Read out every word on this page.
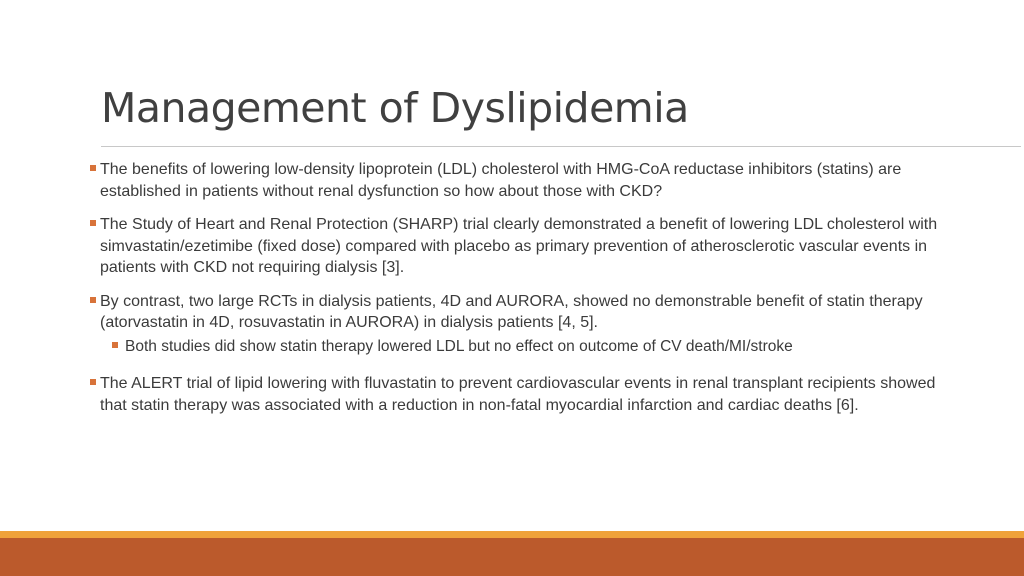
Management of Dyslipidemia
The benefits of lowering low-density lipoprotein (LDL) cholesterol with HMG-CoA reductase inhibitors (statins) are established in patients without renal dysfunction so how about those with CKD?
The Study of Heart and Renal Protection (SHARP) trial clearly demonstrated a benefit of lowering LDL cholesterol with simvastatin/ezetimibe (fixed dose) compared with placebo as primary prevention of atherosclerotic vascular events in patients with CKD not requiring dialysis [3].
By contrast, two large RCTs in dialysis patients, 4D and AURORA, showed no demonstrable benefit of statin therapy (atorvastatin in 4D, rosuvastatin in AURORA) in dialysis patients [4, 5].
Both studies did show statin therapy lowered LDL but no effect on outcome of CV death/MI/stroke
The ALERT trial of lipid lowering with fluvastatin to prevent cardiovascular events in renal transplant recipients showed that statin therapy was associated with a reduction in non-fatal myocardial infarction and cardiac deaths [6].
